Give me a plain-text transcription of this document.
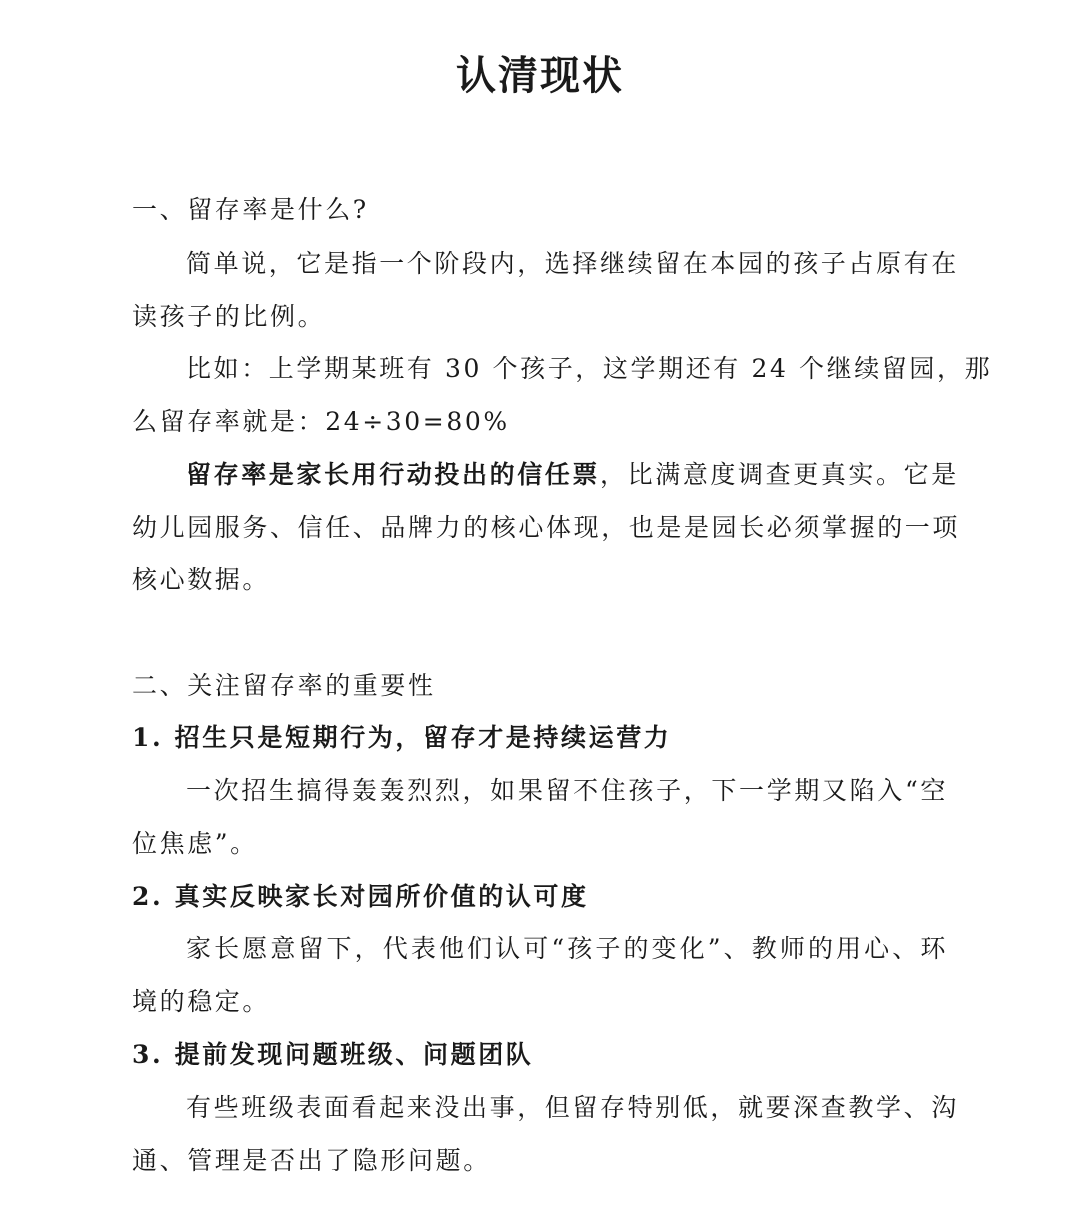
认清现状
一、留存率是什么?
简单说，它是指一个阶段内，选择继续留在本园的孩子占原有在
读孩子的比例。
比如：上学期某班有 30 个孩子，这学期还有 24 个继续留园，那
么留存率就是：24÷30=80%
留存率是家长用行动投出的信任票，比满意度调查更真实。它是
幼儿园服务、信任、品牌力的核心体现，也是是园长必须掌握的一项
核心数据。
二、关注留存率的重要性
1. 招生只是短期行为，留存才是持续运营力
一次招生搞得轰轰烈烈，如果留不住孩子，下一学期又陷入“空
位焦虑”。
2. 真实反映家长对园所价值的认可度
家长愿意留下，代表他们认可“孩子的变化”、教师的用心、环
境的稳定。
3. 提前发现问题班级、问题团队
有些班级表面看起来没出事，但留存特别低，就要深查教学、沟
通、管理是否出了隐形问题。
